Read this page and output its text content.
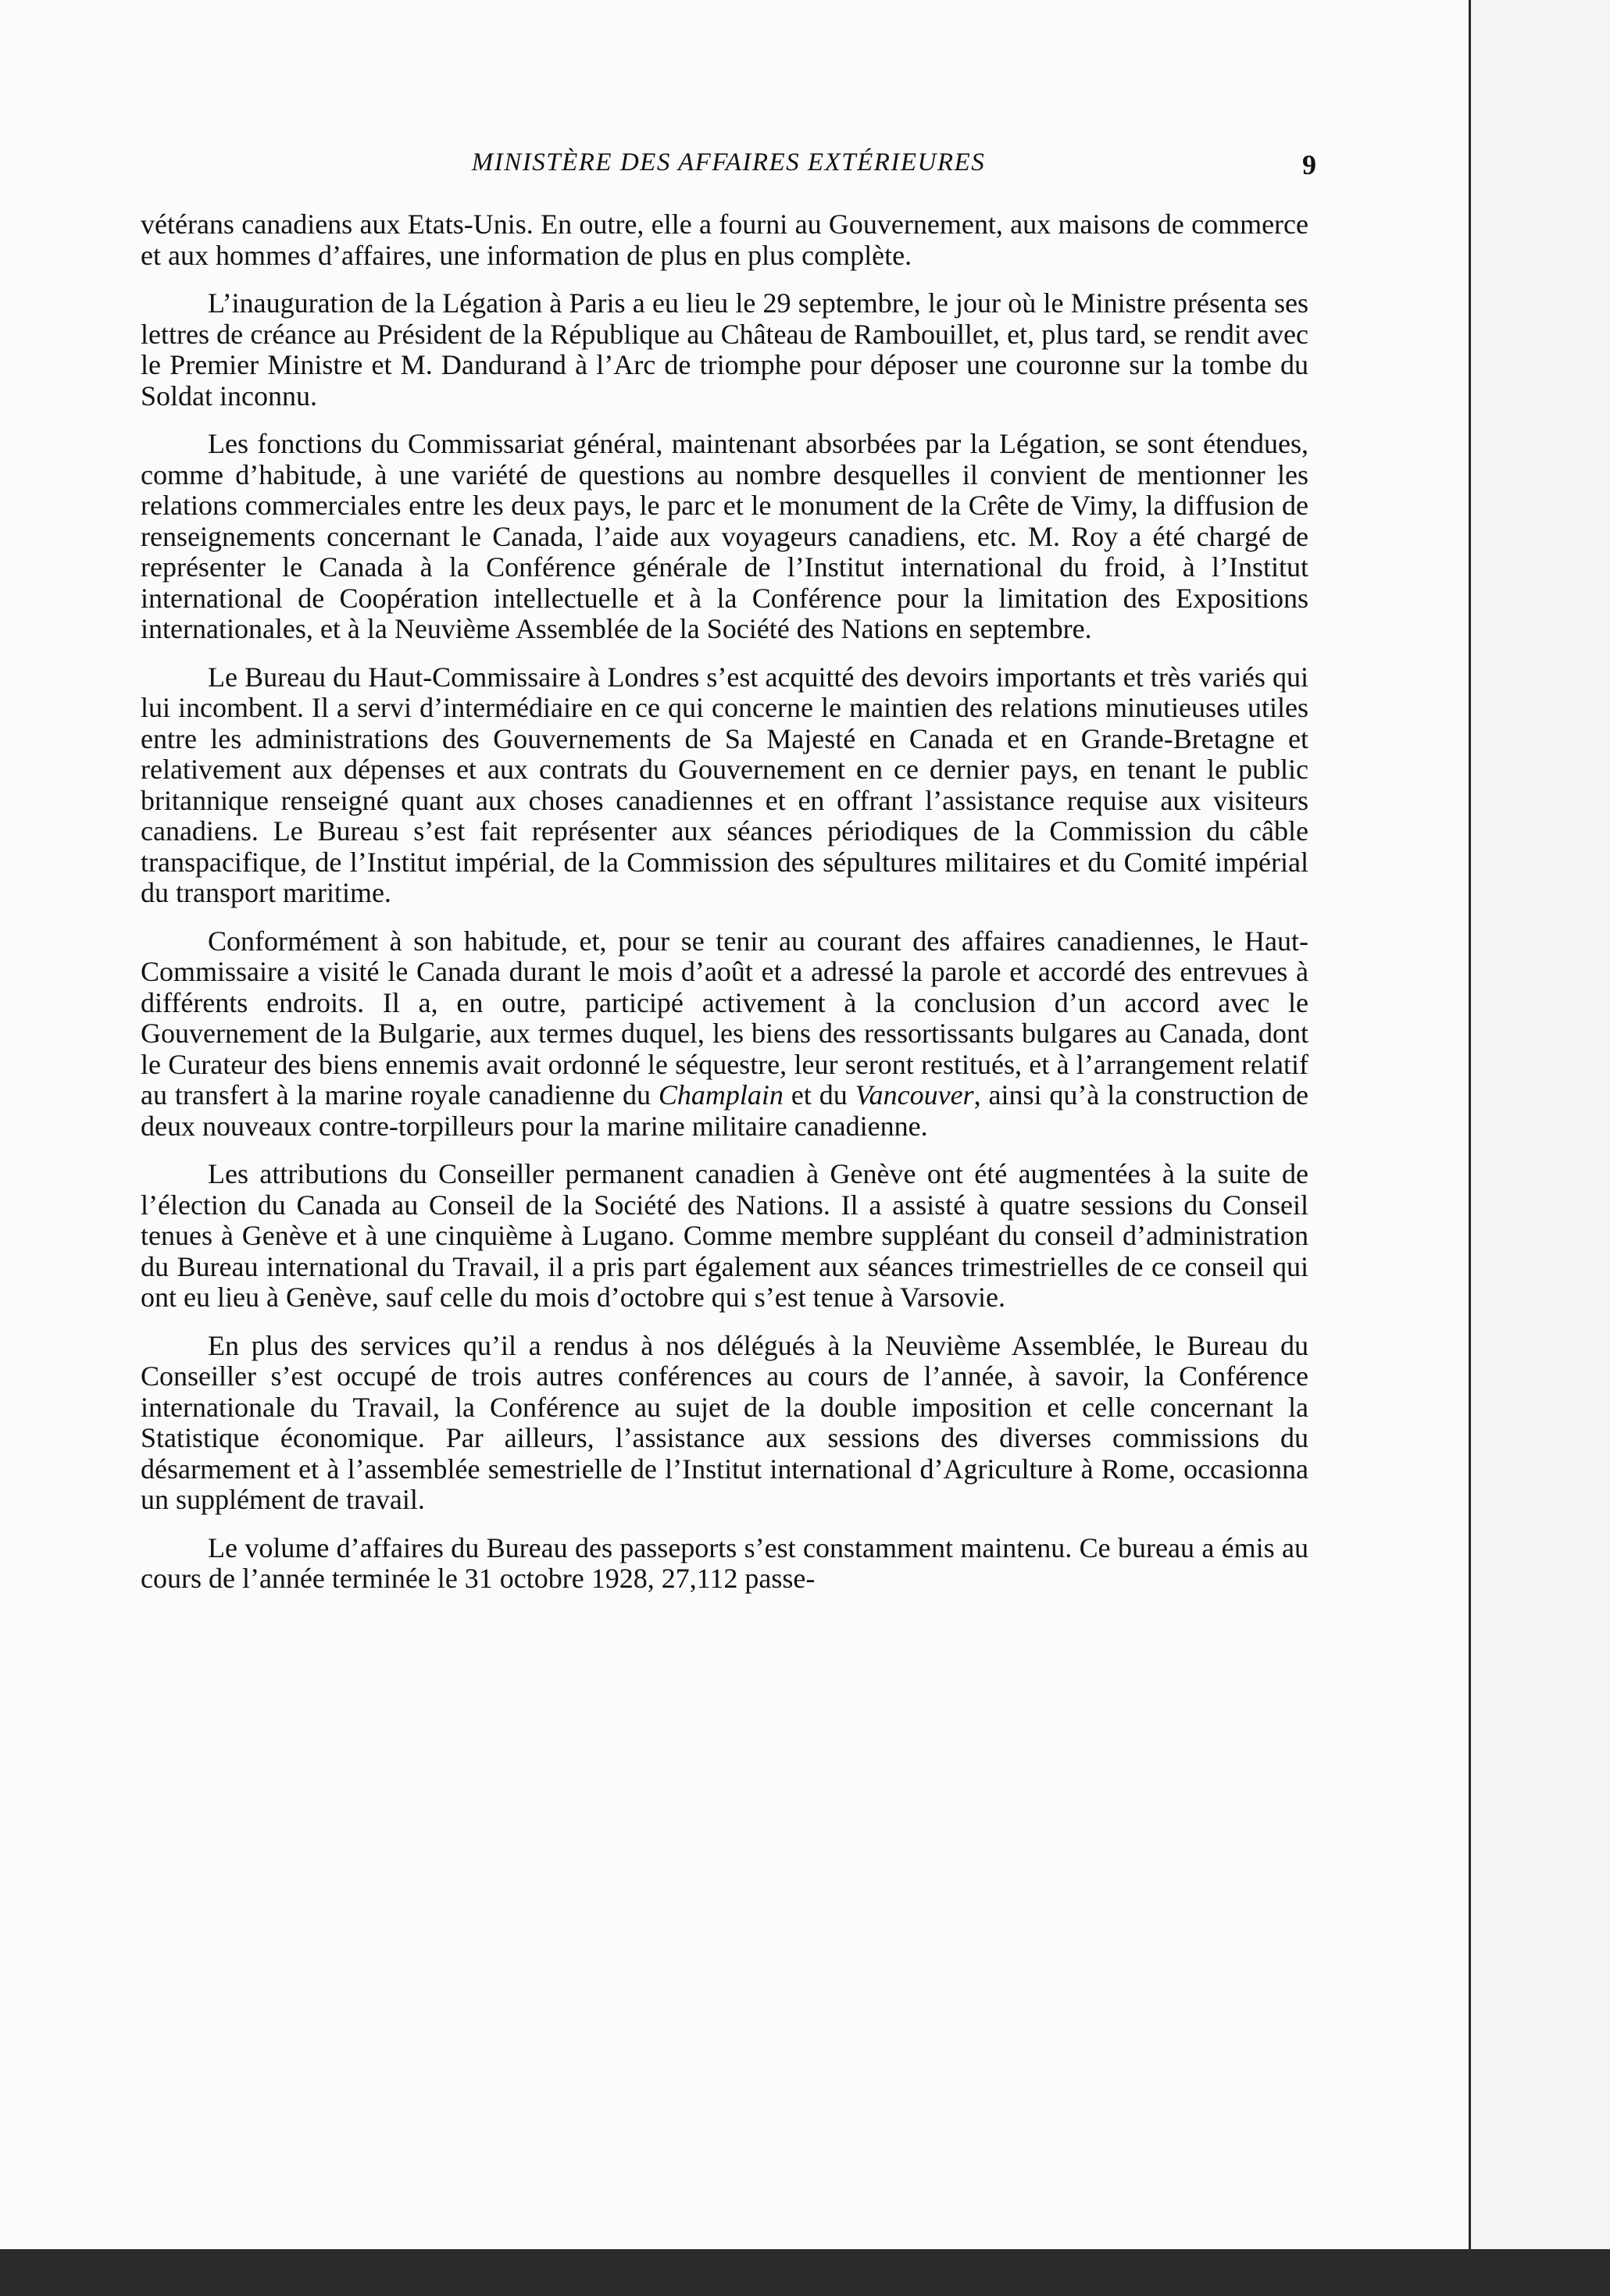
MINISTÈRE DES AFFAIRES EXTÉRIEURES	9

vétérans canadiens aux Etats-Unis. En outre, elle a fourni au Gouvernement, aux maisons de commerce et aux hommes d’affaires, une information de plus en plus complète.

L’inauguration de la Légation à Paris a eu lieu le 29 septembre, le jour où le Ministre présenta ses lettres de créance au Président de la République au Château de Rambouillet, et, plus tard, se rendit avec le Premier Ministre et M. Dandurand à l’Arc de triomphe pour déposer une couronne sur la tombe du Soldat inconnu.

Les fonctions du Commissariat général, maintenant absorbées par la Légation, se sont étendues, comme d’habitude, à une variété de questions au nombre desquelles il convient de mentionner les relations commerciales entre les deux pays, le parc et le monument de la Crête de Vimy, la diffusion de renseignements concernant le Canada, l’aide aux voyageurs canadiens, etc. M. Roy a été chargé de représenter le Canada à la Conférence générale de l’Institut international du froid, à l’Institut international de Coopération intellectuelle et à la Conférence pour la limitation des Expositions internationales, et à la Neuvième Assemblée de la Société des Nations en septembre.

Le Bureau du Haut-Commissaire à Londres s’est acquitté des devoirs importants et très variés qui lui incombent. Il a servi d’intermédiaire en ce qui concerne le maintien des relations minutieuses utiles entre les administrations des Gouvernements de Sa Majesté en Canada et en Grande-Bretagne et relativement aux dépenses et aux contrats du Gouvernement en ce dernier pays, en tenant le public britannique renseigné quant aux choses canadiennes et en offrant l’assistance requise aux visiteurs canadiens. Le Bureau s’est fait représenter aux séances périodiques de la Commission du câble transpacifique, de l’Institut impérial, de la Commission des sépultures militaires et du Comité impérial du transport maritime.

Conformément à son habitude, et, pour se tenir au courant des affaires canadiennes, le Haut-Commissaire a visité le Canada durant le mois d’août et a adressé la parole et accordé des entrevues à différents endroits. Il a, en outre, participé activement à la conclusion d’un accord avec le Gouvernement de la Bulgarie, aux termes duquel, les biens des ressortissants bulgares au Canada, dont le Curateur des biens ennemis avait ordonné le séquestre, leur seront restitués, et à l’arrangement relatif au transfert à la marine royale canadienne du Champlain et du Vancouver, ainsi qu’à la construction de deux nouveaux contre-torpilleurs pour la marine militaire canadienne.

Les attributions du Conseiller permanent canadien à Genève ont été augmentées à la suite de l’élection du Canada au Conseil de la Société des Nations. Il a assisté à quatre sessions du Conseil tenues à Genève et à une cinquième à Lugano. Comme membre suppléant du conseil d’administration du Bureau international du Travail, il a pris part également aux séances trimestrielles de ce conseil qui ont eu lieu à Genève, sauf celle du mois d’octobre qui s’est tenue à Varsovie.

En plus des services qu’il a rendus à nos délégués à la Neuvième Assemblée, le Bureau du Conseiller s’est occupé de trois autres conférences au cours de l’année, à savoir, la Conférence internationale du Travail, la Conférence au sujet de la double imposition et celle concernant la Statistique économique. Par ailleurs, l’assistance aux sessions des diverses commissions du désarmement et à l’assemblée semestrielle de l’Institut international d’Agriculture à Rome, occasionna un supplément de travail.

Le volume d’affaires du Bureau des passeports s’est constamment maintenu. Ce bureau a émis au cours de l’année terminée le 31 octobre 1928, 27,112 passe-
